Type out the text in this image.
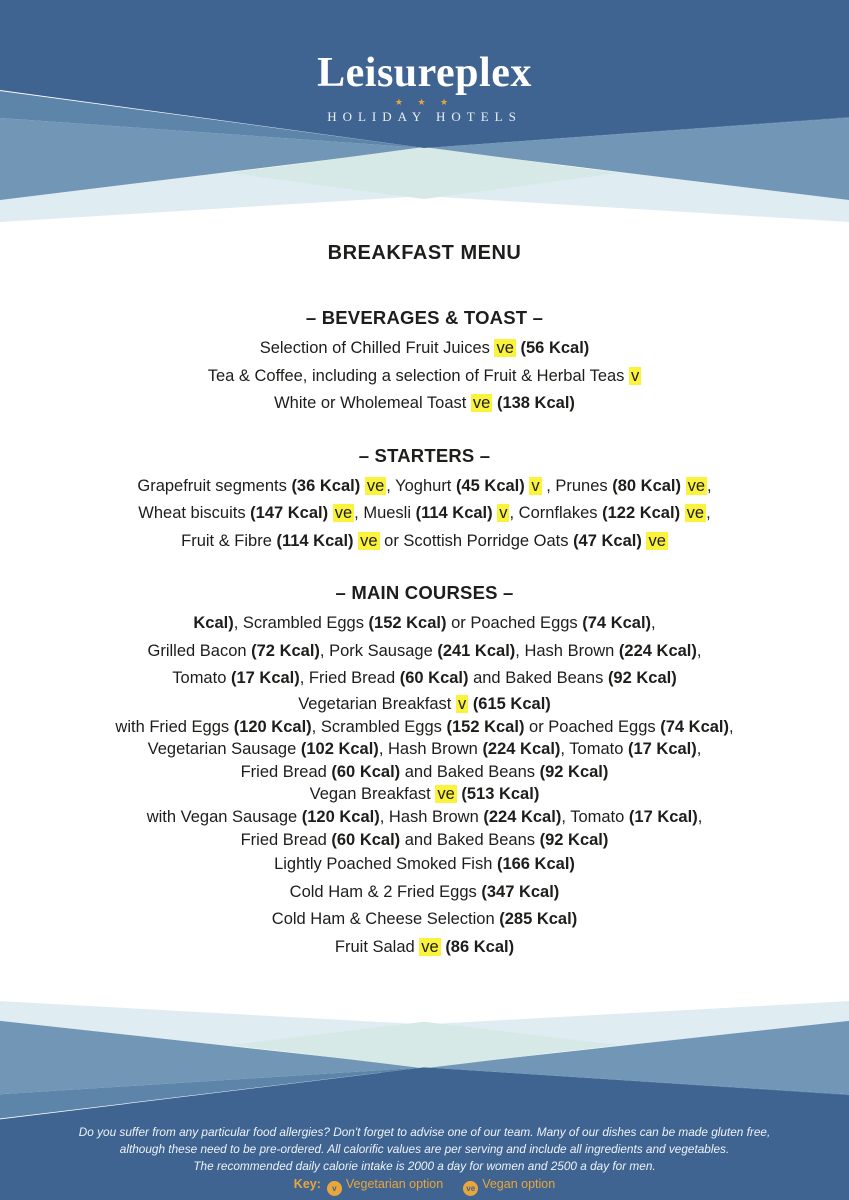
Leisureplex
★ ★ ★
HOLIDAY HOTELS
BREAKFAST MENU
– BEVERAGES & TOAST –
Selection of Chilled Fruit Juices ve (56 Kcal)
Tea & Coffee, including a selection of Fruit & Herbal Teas v
White or Wholemeal Toast ve (138 Kcal)
– STARTERS –
Grapefruit segments (36 Kcal) ve , Yoghurt (45 Kcal) v , Prunes (80 Kcal) ve ,
Wheat biscuits (147 Kcal) ve , Muesli (114 Kcal) v , Cornflakes (122 Kcal) ve ,
Fruit & Fibre (114 Kcal) ve or Scottish Porridge Oats (47 Kcal) ve
– MAIN COURSES –
Kcal), Scrambled Eggs (152 Kcal) or Poached Eggs (74 Kcal),
Grilled Bacon (72 Kcal), Pork Sausage (241 Kcal), Hash Brown (224 Kcal),
Tomato (17 Kcal), Fried Bread (60 Kcal) and Baked Beans (92 Kcal)
Vegetarian Breakfast v (615 Kcal)
with Fried Eggs (120 Kcal), Scrambled Eggs (152 Kcal) or Poached Eggs (74 Kcal),
Vegetarian Sausage (102 Kcal), Hash Brown (224 Kcal), Tomato (17 Kcal),
Fried Bread (60 Kcal) and Baked Beans (92 Kcal)
Vegan Breakfast ve (513 Kcal)
with Vegan Sausage (120 Kcal), Hash Brown (224 Kcal), Tomato (17 Kcal),
Fried Bread (60 Kcal) and Baked Beans (92 Kcal)
Lightly Poached Smoked Fish (166 Kcal)
Cold Ham & 2 Fried Eggs (347 Kcal)
Cold Ham & Cheese Selection (285 Kcal)
Fruit Salad ve (86 Kcal)
Do you suffer from any particular food allergies? Don't forget to advise one of our team. Many of our dishes can be made gluten free,
although these need to be pre-ordered. All calorific values are per serving and include all ingredients and vegetables.
The recommended daily calorie intake is 2000 a day for women and 2500 a day for men.
Key: v Vegetarian option	ve Vegan option
